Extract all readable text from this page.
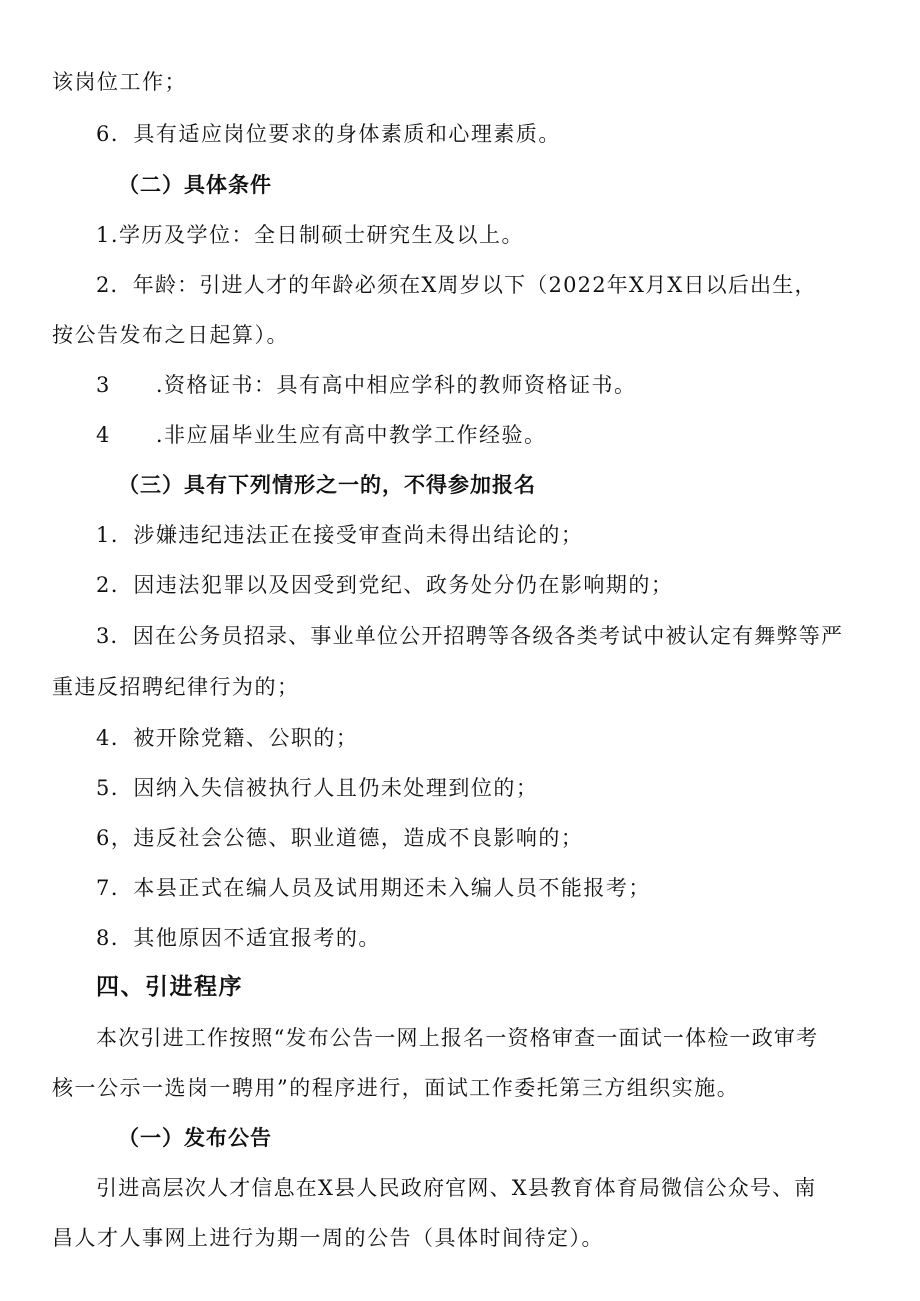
该岗位工作；
6．具有适应岗位要求的身体素质和心理素质。
（二）具体条件
1.学历及学位：全日制硕士研究生及以上。
2．年龄：引进人才的年龄必须在X周岁以下（2022年X月X日以后出生，
按公告发布之日起算）。
3　　.资格证书：具有高中相应学科的教师资格证书。
4　　.非应届毕业生应有高中教学工作经验。
（三）具有下列情形之一的，不得参加报名
1．涉嫌违纪违法正在接受审查尚未得出结论的；
2．因违法犯罪以及因受到党纪、政务处分仍在影响期的；
3．因在公务员招录、事业单位公开招聘等各级各类考试中被认定有舞弊等严
重违反招聘纪律行为的；
4．被开除党籍、公职的；
5．因纳入失信被执行人且仍未处理到位的；
6，违反社会公德、职业道德，造成不良影响的；
7．本县正式在编人员及试用期还未入编人员不能报考；
8．其他原因不适宜报考的。
四、引进程序
本次引进工作按照“发布公告一网上报名一资格审查一面试一体检一政审考
核一公示一选岗一聘用”的程序进行，面试工作委托第三方组织实施。
（一）发布公告
引进高层次人才信息在X县人民政府官网、X县教育体育局微信公众号、南
昌人才人事网上进行为期一周的公告（具体时间待定）。
